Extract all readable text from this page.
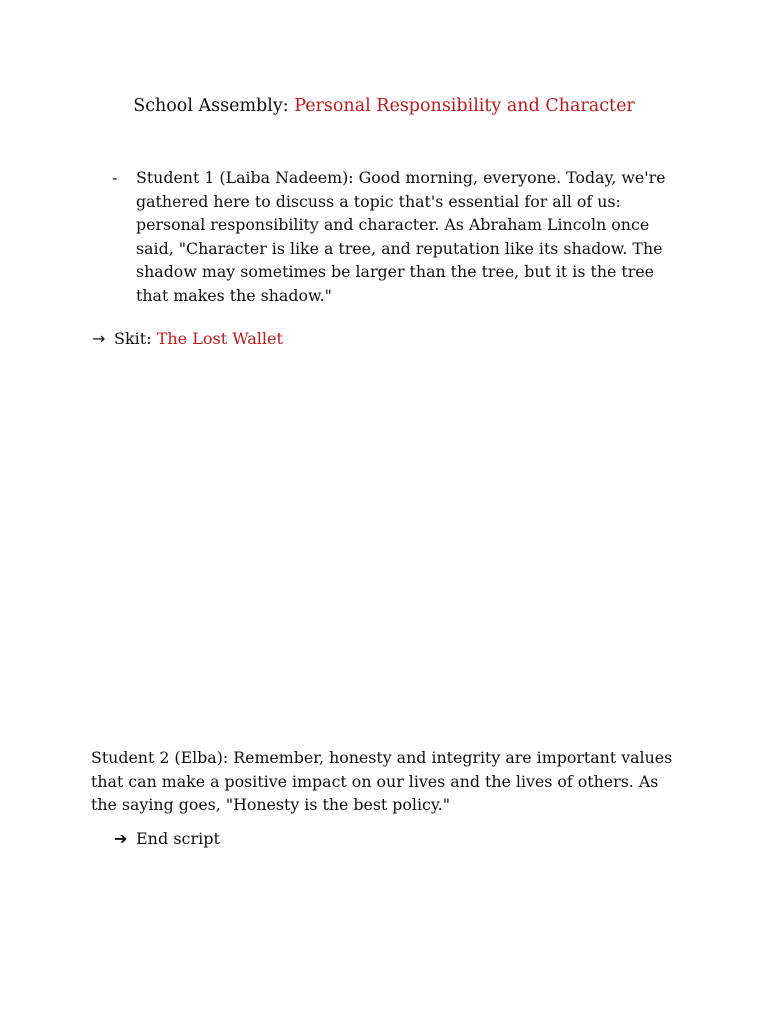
School Assembly: Personal Responsibility and Character
- Student 1 (Laiba Nadeem): Good morning, everyone. Today, we're gathered here to discuss a topic that's essential for all of us: personal responsibility and character. As Abraham Lincoln once said, "Character is like a tree, and reputation like its shadow. The shadow may sometimes be larger than the tree, but it is the tree that makes the shadow."
→ Skit: The Lost Wallet
Student 2 (Elba): Remember, honesty and integrity are important values that can make a positive impact on our lives and the lives of others. As the saying goes, "Honesty is the best policy."
➔ End script
